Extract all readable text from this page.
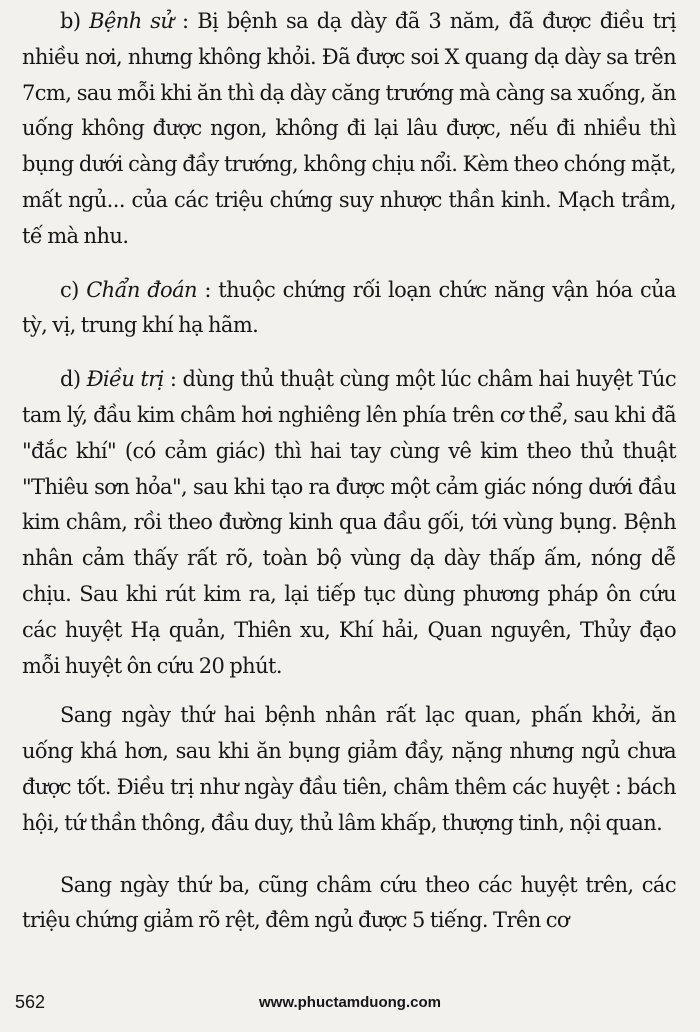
b) Bệnh sử : Bị bệnh sa dạ dày đã 3 năm, đã được điều trị nhiều nơi, nhưng không khỏi. Đã được soi X quang dạ dày sa trên 7cm, sau mỗi khi ăn thì dạ dày căng trướng mà càng sa xuống, ăn uống không được ngon, không đi lại lâu được, nếu đi nhiều thì bụng dưới càng đầy trướng, không chịu nổi. Kèm theo chóng mặt, mất ngủ... của các triệu chứng suy nhược thần kinh. Mạch trầm, tế mà nhu.

c) Chẩn đoán : thuộc chứng rối loạn chức năng vận hóa của tỳ, vị, trung khí hạ hãm.

d) Điều trị : dùng thủ thuật cùng một lúc châm hai huyệt Túc tam lý, đầu kim châm hơi nghiêng lên phía trên cơ thể, sau khi đã "đắc khí" (có cảm giác) thì hai tay cùng vê kim theo thủ thuật "Thiêu sơn hỏa", sau khi tạo ra được một cảm giác nóng dưới đầu kim châm, rồi theo đường kinh qua đầu gối, tới vùng bụng. Bệnh nhân cảm thấy rất rõ, toàn bộ vùng dạ dày thấp ấm, nóng dễ chịu. Sau khi rút kim ra, lại tiếp tục dùng phương pháp ôn cứu các huyệt Hạ quản, Thiên xu, Khí hải, Quan nguyên, Thủy đạo mỗi huyệt ôn cứu 20 phút.

Sang ngày thứ hai bệnh nhân rất lạc quan, phấn khởi, ăn uống khá hơn, sau khi ăn bụng giảm đầy, nặng nhưng ngủ chưa được tốt. Điều trị như ngày đầu tiên, châm thêm các huyệt : bách hội, tứ thần thông, đầu duy, thủ lâm khấp, thượng tinh, nội quan.

Sang ngày thứ ba, cũng châm cứu theo các huyệt trên, các triệu chứng giảm rõ rệt, đêm ngủ được 5 tiếng. Trên cơ

562	www.phuctamduong.com
